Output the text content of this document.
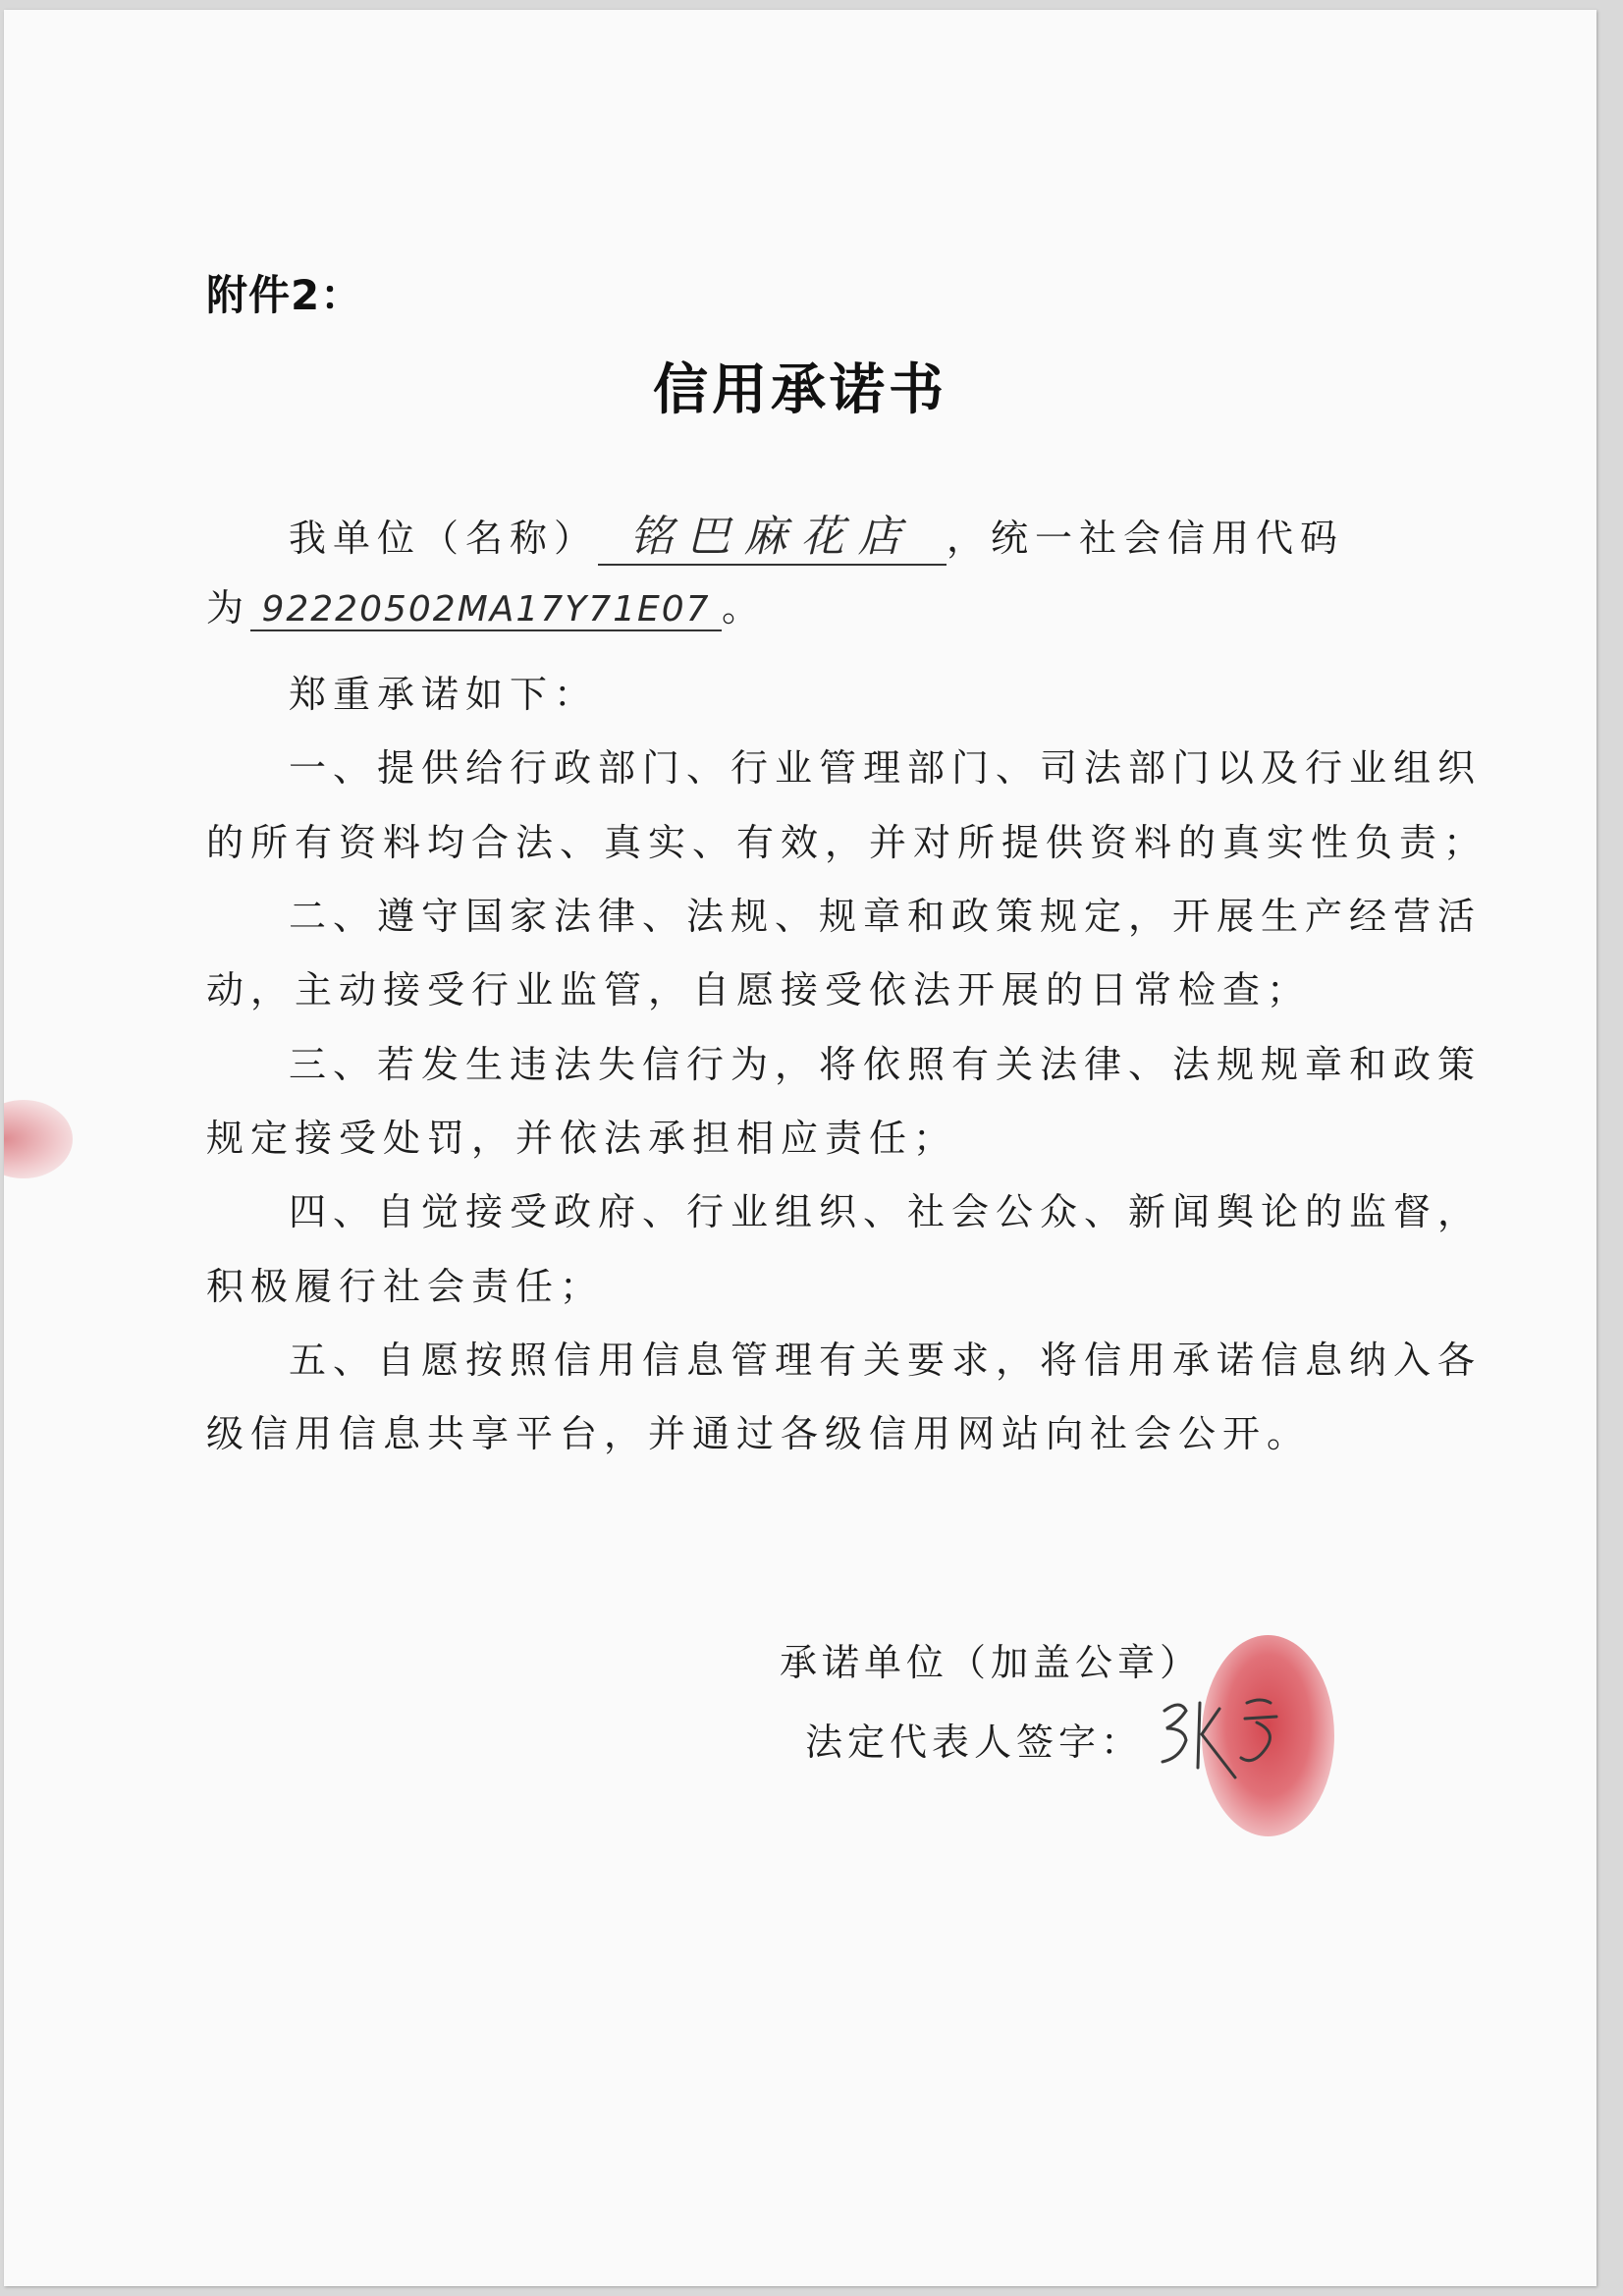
附件2：
信用承诺书
我单位（名称） 铭巴麻花店 ，统一社会信用代码
为 92220502MA17Y71E07 。
郑重承诺如下：
一、提供给行政部门、行业管理部门、司法部门以及行业组织
的所有资料均合法、真实、有效，并对所提供资料的真实性负责；
二、遵守国家法律、法规、规章和政策规定，开展生产经营活
动，主动接受行业监管，自愿接受依法开展的日常检查；
三、若发生违法失信行为，将依照有关法律、法规规章和政策
规定接受处罚，并依法承担相应责任；
四、自觉接受政府、行业组织、社会公众、新闻舆论的监督，
积极履行社会责任；
五、自愿按照信用信息管理有关要求，将信用承诺信息纳入各
级信用信息共享平台，并通过各级信用网站向社会公开。
承诺单位（加盖公章）
法定代表人签字：
